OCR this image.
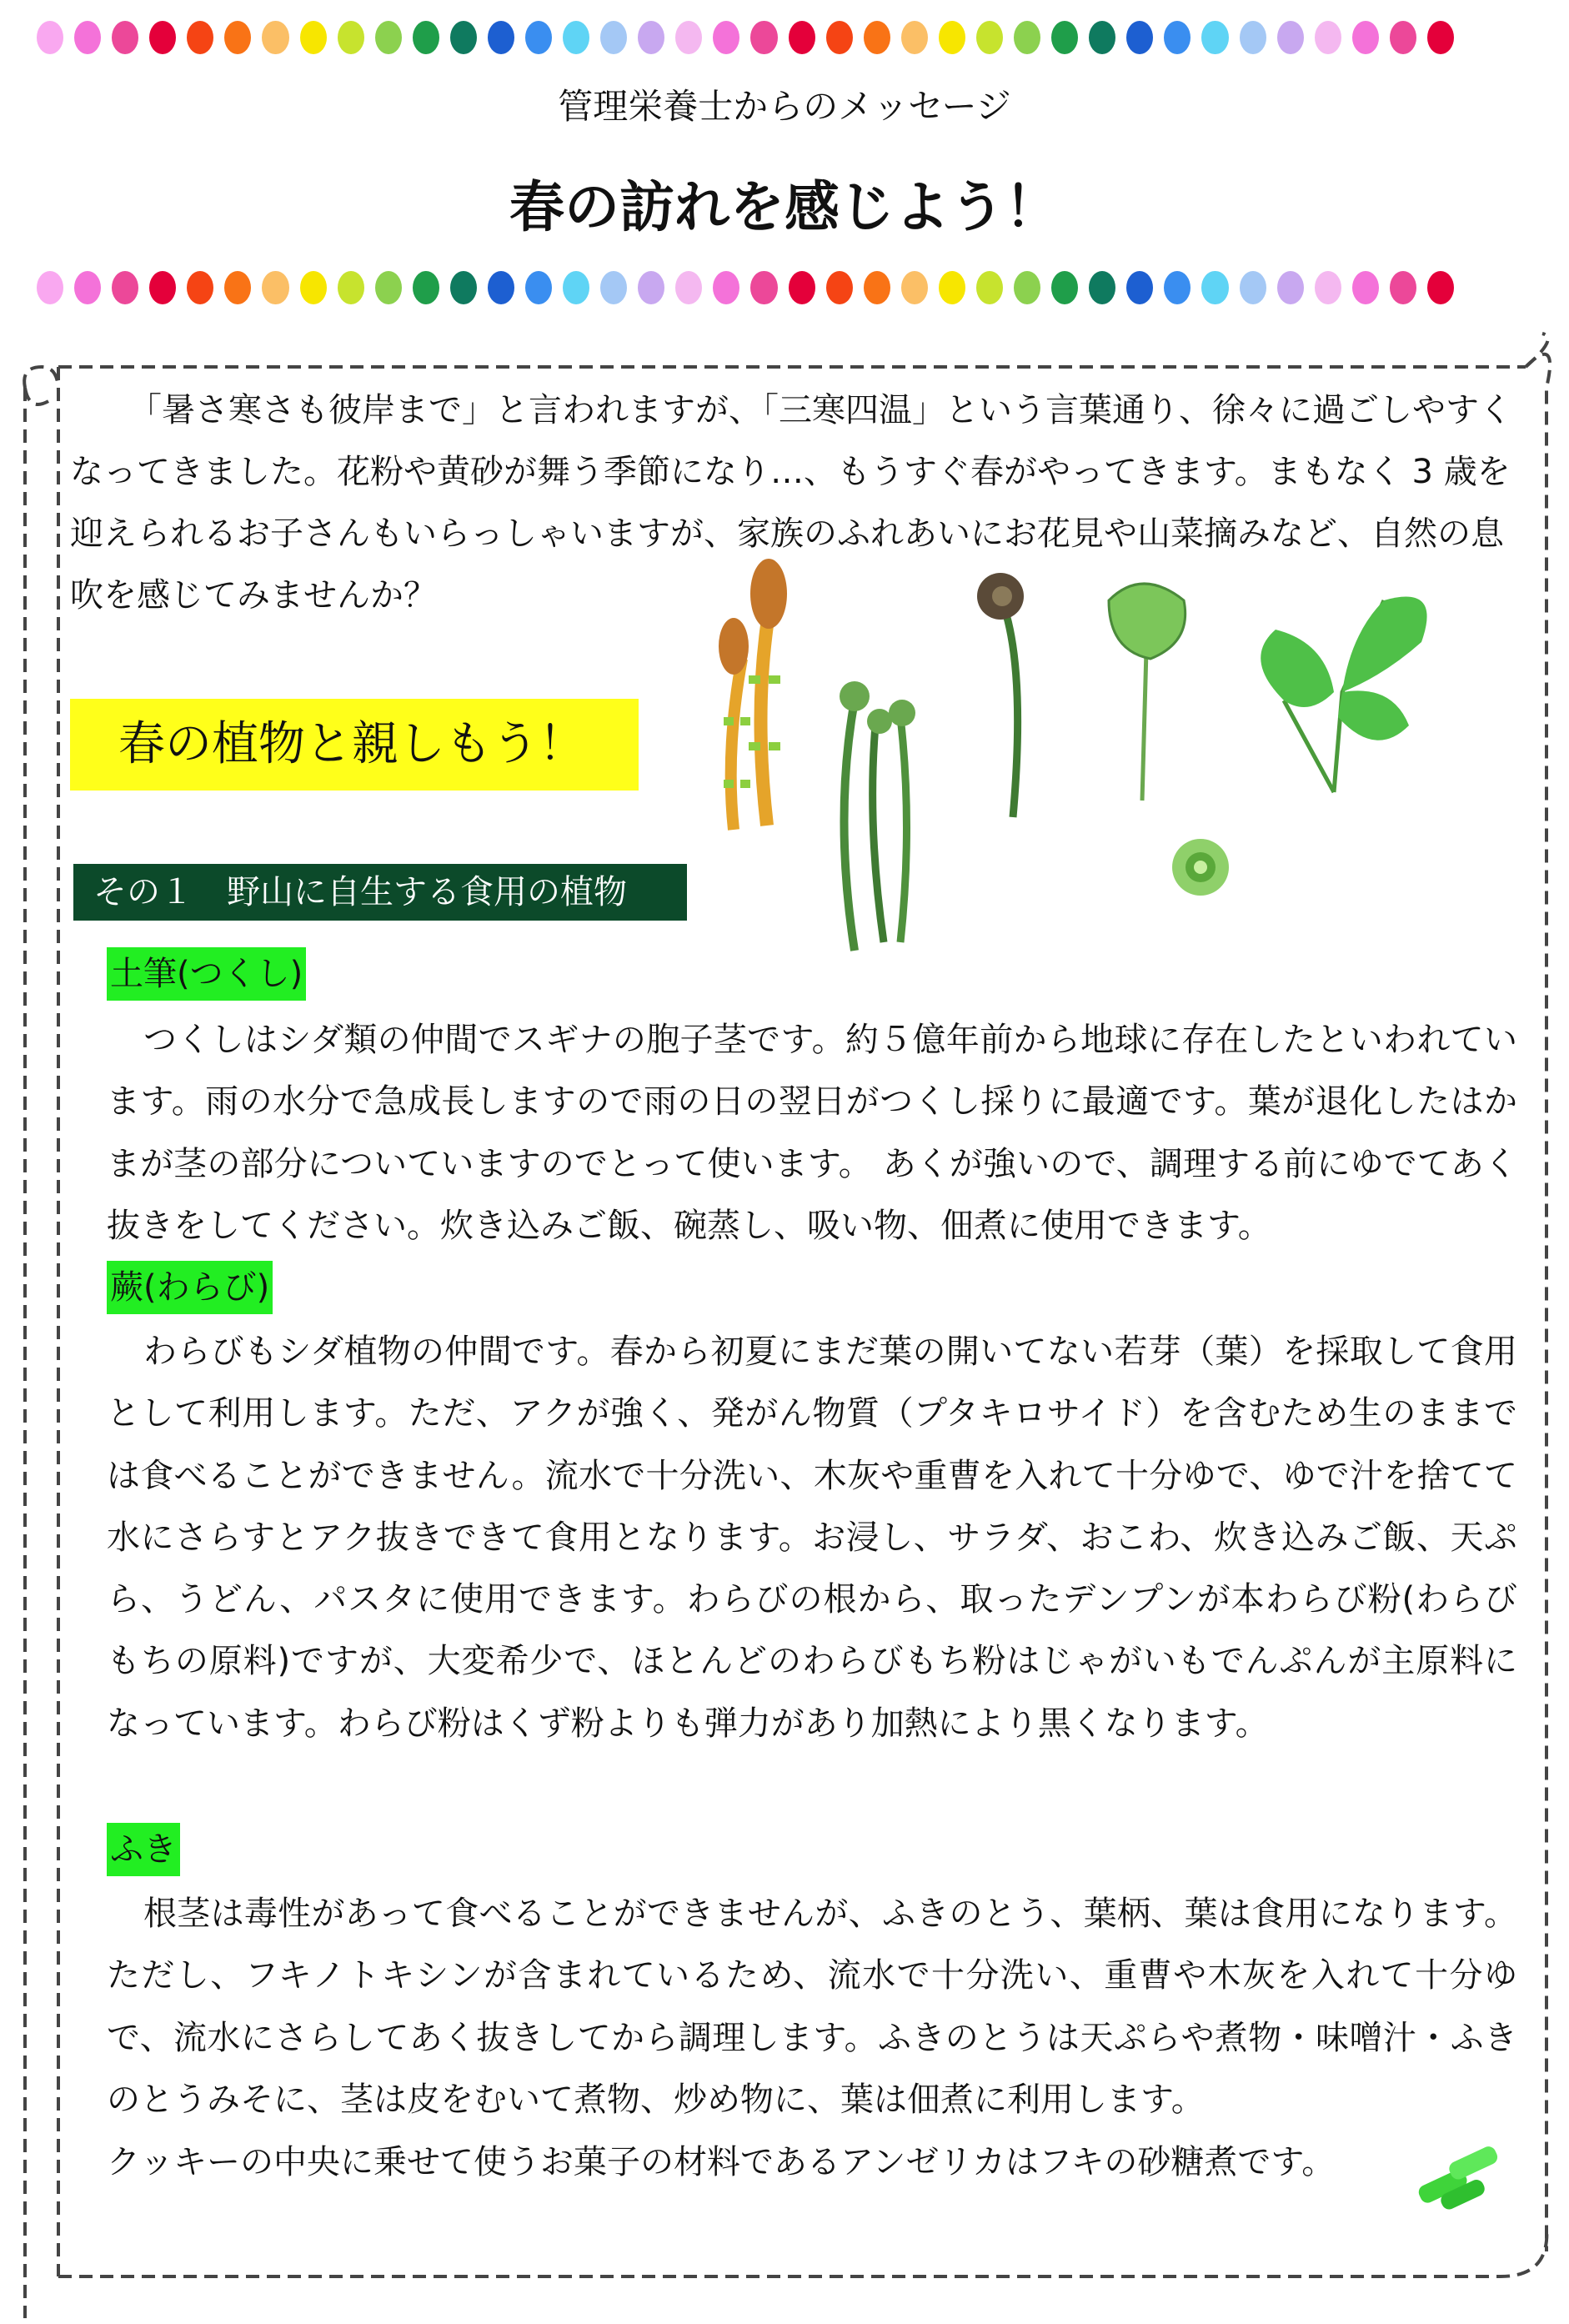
管理栄養士からのメッセージ
春の訪れを感じよう！

「暑さ寒さも彼岸まで」と言われますが、「三寒四温」という言葉通り、徐々に過ごしやすくなってきました。花粉や黄砂が舞う季節になり…、もうすぐ春がやってきます。まもなく 3 歳を迎えられるお子さんもいらっしゃいますが、家族のふれあいにお花見や山菜摘みなど、自然の息吹を感じてみませんか？

春の植物と親しもう！
その１　野山に自生する食用の植物
土筆(つくし)

つくしはシダ類の仲間でスギナの胞子茎です。約５億年前から地球に存在したといわれています。雨の水分で急成長しますので雨の日の翌日がつくし採りに最適です。葉が退化したはかまが茎の部分についていますのでとって使います。 あくが強いので、調理する前にゆでてあく抜きをしてください。炊き込みご飯、碗蒸し、吸い物、佃煮に使用できます。

蕨(わらび)

わらびもシダ植物の仲間です。春から初夏にまだ葉の開いてない若芽（葉）を採取して食用として利用します。ただ、アクが強く、発がん物質（プタキロサイド）を含むため生のままでは食べることができません。流水で十分洗い、木灰や重曹を入れて十分ゆで、ゆで汁を捨てて水にさらすとアク抜きできて食用となります。お浸し、サラダ、おこわ、炊き込みご飯、天ぷら、うどん、パスタに使用できます。わらびの根から、取ったデンプンが本わらび粉(わらびもちの原料)ですが、大変希少で、ほとんどのわらびもち粉はじゃがいもでんぷんが主原料になっています。わらび粉はくず粉よりも弾力があり加熱により黒くなります。

ふき

根茎は毒性があって食べることができませんが、ふきのとう、葉柄、葉は食用になります。ただし、フキノトキシンが含まれているため、流水で十分洗い、重曹や木灰を入れて十分ゆで、流水にさらしてあく抜きしてから調理します。ふきのとうは天ぷらや煮物・味噌汁・ふきのとうみそに、茎は皮をむいて煮物、炒め物に、葉は佃煮に利用します。

クッキーの中央に乗せて使うお菓子の材料であるアンゼリカはフキの砂糖煮です。
